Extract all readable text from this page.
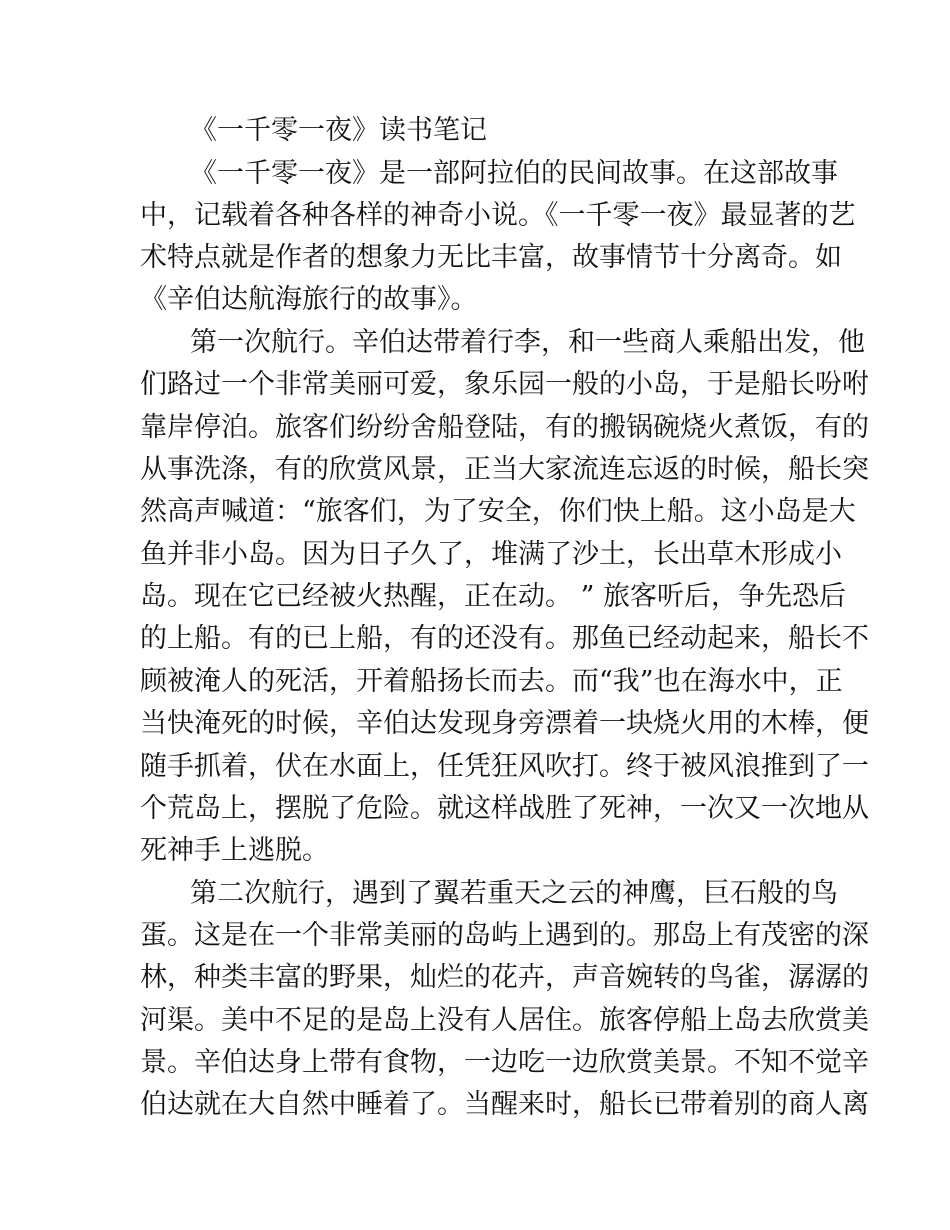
《一千零一夜》读书笔记
《一千零一夜》是一部阿拉伯的民间故事。在这部故事
中，记载着各种各样的神奇小说。《一千零一夜》最显著的艺
术特点就是作者的想象力无比丰富，故事情节十分离奇。如
《辛伯达航海旅行的故事》。
第一次航行。辛伯达带着行李，和一些商人乘船出发，他
们路过一个非常美丽可爱，象乐园一般的小岛，于是船长吩咐
靠岸停泊。旅客们纷纷舍船登陆，有的搬锅碗烧火煮饭，有的
从事洗涤，有的欣赏风景，正当大家流连忘返的时候，船长突
然高声喊道：“旅客们，为了安全，你们快上船。这小岛是大
鱼并非小岛。因为日子久了，堆满了沙土，长出草木形成小
岛。现在它已经被火热醒，正在动。 ” 旅客听后，争先恐后
的上船。有的已上船，有的还没有。那鱼已经动起来，船长不
顾被淹人的死活，开着船扬长而去。而“我”也在海水中，正
当快淹死的时候，辛伯达发现身旁漂着一块烧火用的木棒，便
随手抓着，伏在水面上，任凭狂风吹打。终于被风浪推到了一
个荒岛上，摆脱了危险。就这样战胜了死神，一次又一次地从
死神手上逃脱。
第二次航行，遇到了翼若重天之云的神鹰，巨石般的鸟
蛋。这是在一个非常美丽的岛屿上遇到的。那岛上有茂密的深
林，种类丰富的野果，灿烂的花卉，声音婉转的鸟雀，潺潺的
河渠。美中不足的是岛上没有人居住。旅客停船上岛去欣赏美
景。辛伯达身上带有食物，一边吃一边欣赏美景。不知不觉辛
伯达就在大自然中睡着了。当醒来时，船长已带着别的商人离
